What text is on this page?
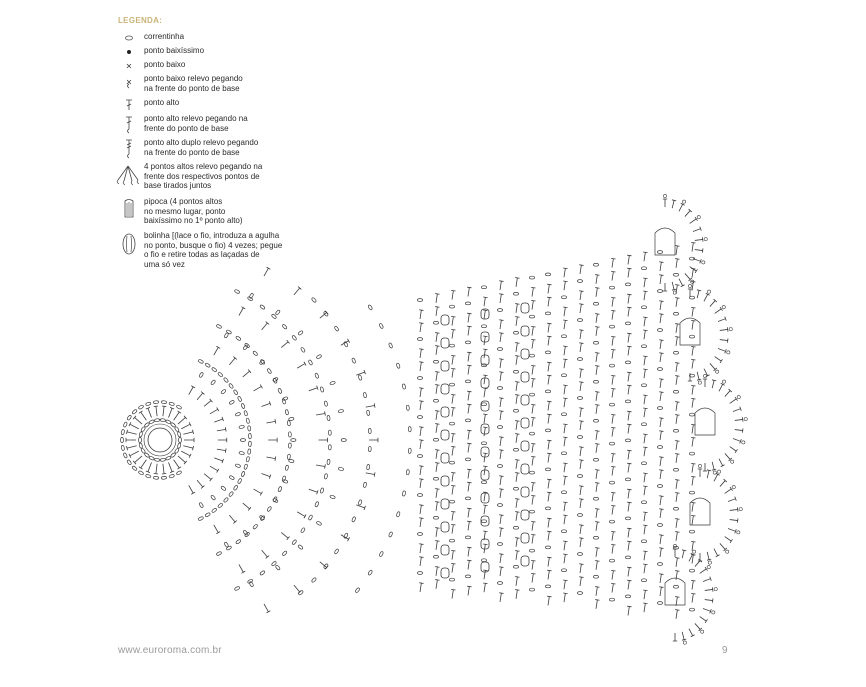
LEGENDA:
correntinha
ponto baixíssimo
ponto baixo
ponto baixo relevo pegando
na frente do ponto de base
ponto alto
ponto alto relevo pegando na
frente do ponto de base
ponto alto duplo relevo pegando
na frente do ponto de base
4 pontos altos relevo pegando na
frente dos respectivos pontos de
base tirados juntos
pipoca (4 pontos altos
no mesmo lugar, ponto
baixíssimo no 1º ponto alto)
bolinha [(lace o fio, introduza a agulha
no ponto, busque o fio) 4 vezes; pegue
o fio e retire todas as laçadas de
uma só vez
www.euroroma.com.br	9
